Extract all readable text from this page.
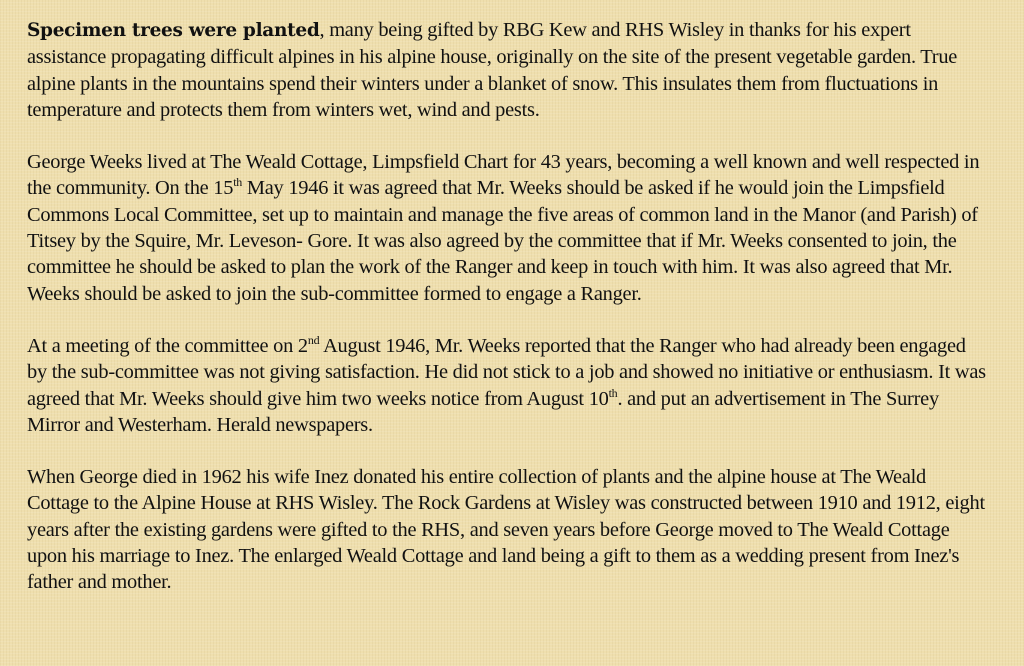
Specimen trees were planted, many being gifted by RBG Kew and RHS Wisley in thanks for his expert assistance propagating difficult alpines in his alpine house, originally on the site of the present vegetable garden. True alpine plants in the mountains spend their winters under a blanket of snow. This insulates them from fluctuations in temperature and protects them from winters wet, wind and pests.

George Weeks lived at The Weald Cottage, Limpsfield Chart for 43 years, becoming a well known and well respected in the community. On the 15th May 1946 it was agreed that Mr. Weeks should be asked if he would join the Limpsfield Commons Local Committee, set up to maintain and manage the five areas of common land in the Manor (and Parish) of Titsey by the Squire, Mr. Leveson- Gore. It was also agreed by the committee that if Mr. Weeks consented to join, the committee he should be asked to plan the work of the Ranger and keep in touch with him. It was also agreed that Mr. Weeks should be asked to join the sub-committee formed to engage a Ranger.

At a meeting of the committee on 2nd August 1946, Mr. Weeks reported that the Ranger who had already been engaged by the sub-committee was not giving satisfaction. He did not stick to a job and showed no initiative or enthusiasm. It was agreed that Mr. Weeks should give him two weeks notice from August 10th. and put an advertisement in The Surrey Mirror and Westerham. Herald newspapers.

When George died in 1962 his wife Inez donated his entire collection of plants and the alpine house at The Weald Cottage to the Alpine House at RHS Wisley. The Rock Gardens at Wisley was constructed between 1910 and 1912, eight years after the existing gardens were gifted to the RHS, and seven years before George moved to The Weald Cottage upon his marriage to Inez. The enlarged Weald Cottage and land being a gift to them as a wedding present from Inez's father and mother.
